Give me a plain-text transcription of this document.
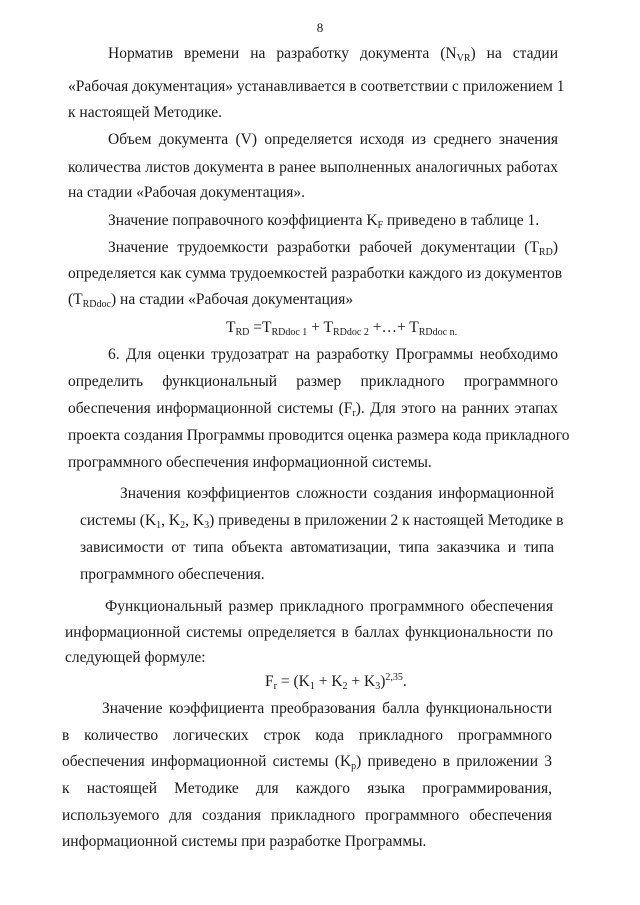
8
Норматив времени на разработку документа $(N_{VR})$ на стадии
«Рабочая документация» устанавливается в соответствии с приложением 1
к настоящей Методике.
Объем документа (V) определяется исходя из среднего значения
количества листов документа в ранее выполненных аналогичных работах
на стадии «Рабочая документация».
Значение поправочного коэффициента $K_F$ приведено в таблице 1.
Значение трудоемкости разработки рабочей документации $(T_{RD})$
определяется как сумма трудоемкостей разработки каждого из документов
$(T_{RDdoc})$ на стадии «Рабочая документация»
$T_{RD} =T_{RDdoc 1} + T_{RDdoc 2}$ +…+ $T_{RDdoc n.}$
6. Для оценки трудозатрат на разработку Программы необходимо
определить функциональный размер прикладного программного
обеспечения информационной системы $(F_r)$. Для этого на ранних этапах
проекта создания Программы проводится оценка размера кода прикладного
программного обеспечения информационной системы.
Значения коэффициентов сложности создания информационной
системы ($K_1$, $K_2$, $K_3$) приведены в приложении 2 к настоящей Методике в
зависимости от типа объекта автоматизации, типа заказчика и типа
программного обеспечения.
Функциональный размер прикладного программного обеспечения
информационной системы определяется в баллах функциональности по
следующей формуле:
$F_r = (K_1 + K_2 + K_3)^{2,35}$.
Значение коэффициента преобразования балла функциональности
в количество логических строк кода прикладного программного
обеспечения информационной системы $(K_p)$ приведено в приложении 3
к настоящей Методике для каждого языка программирования,
используемого для создания прикладного программного обеспечения
информационной системы при разработке Программы.
